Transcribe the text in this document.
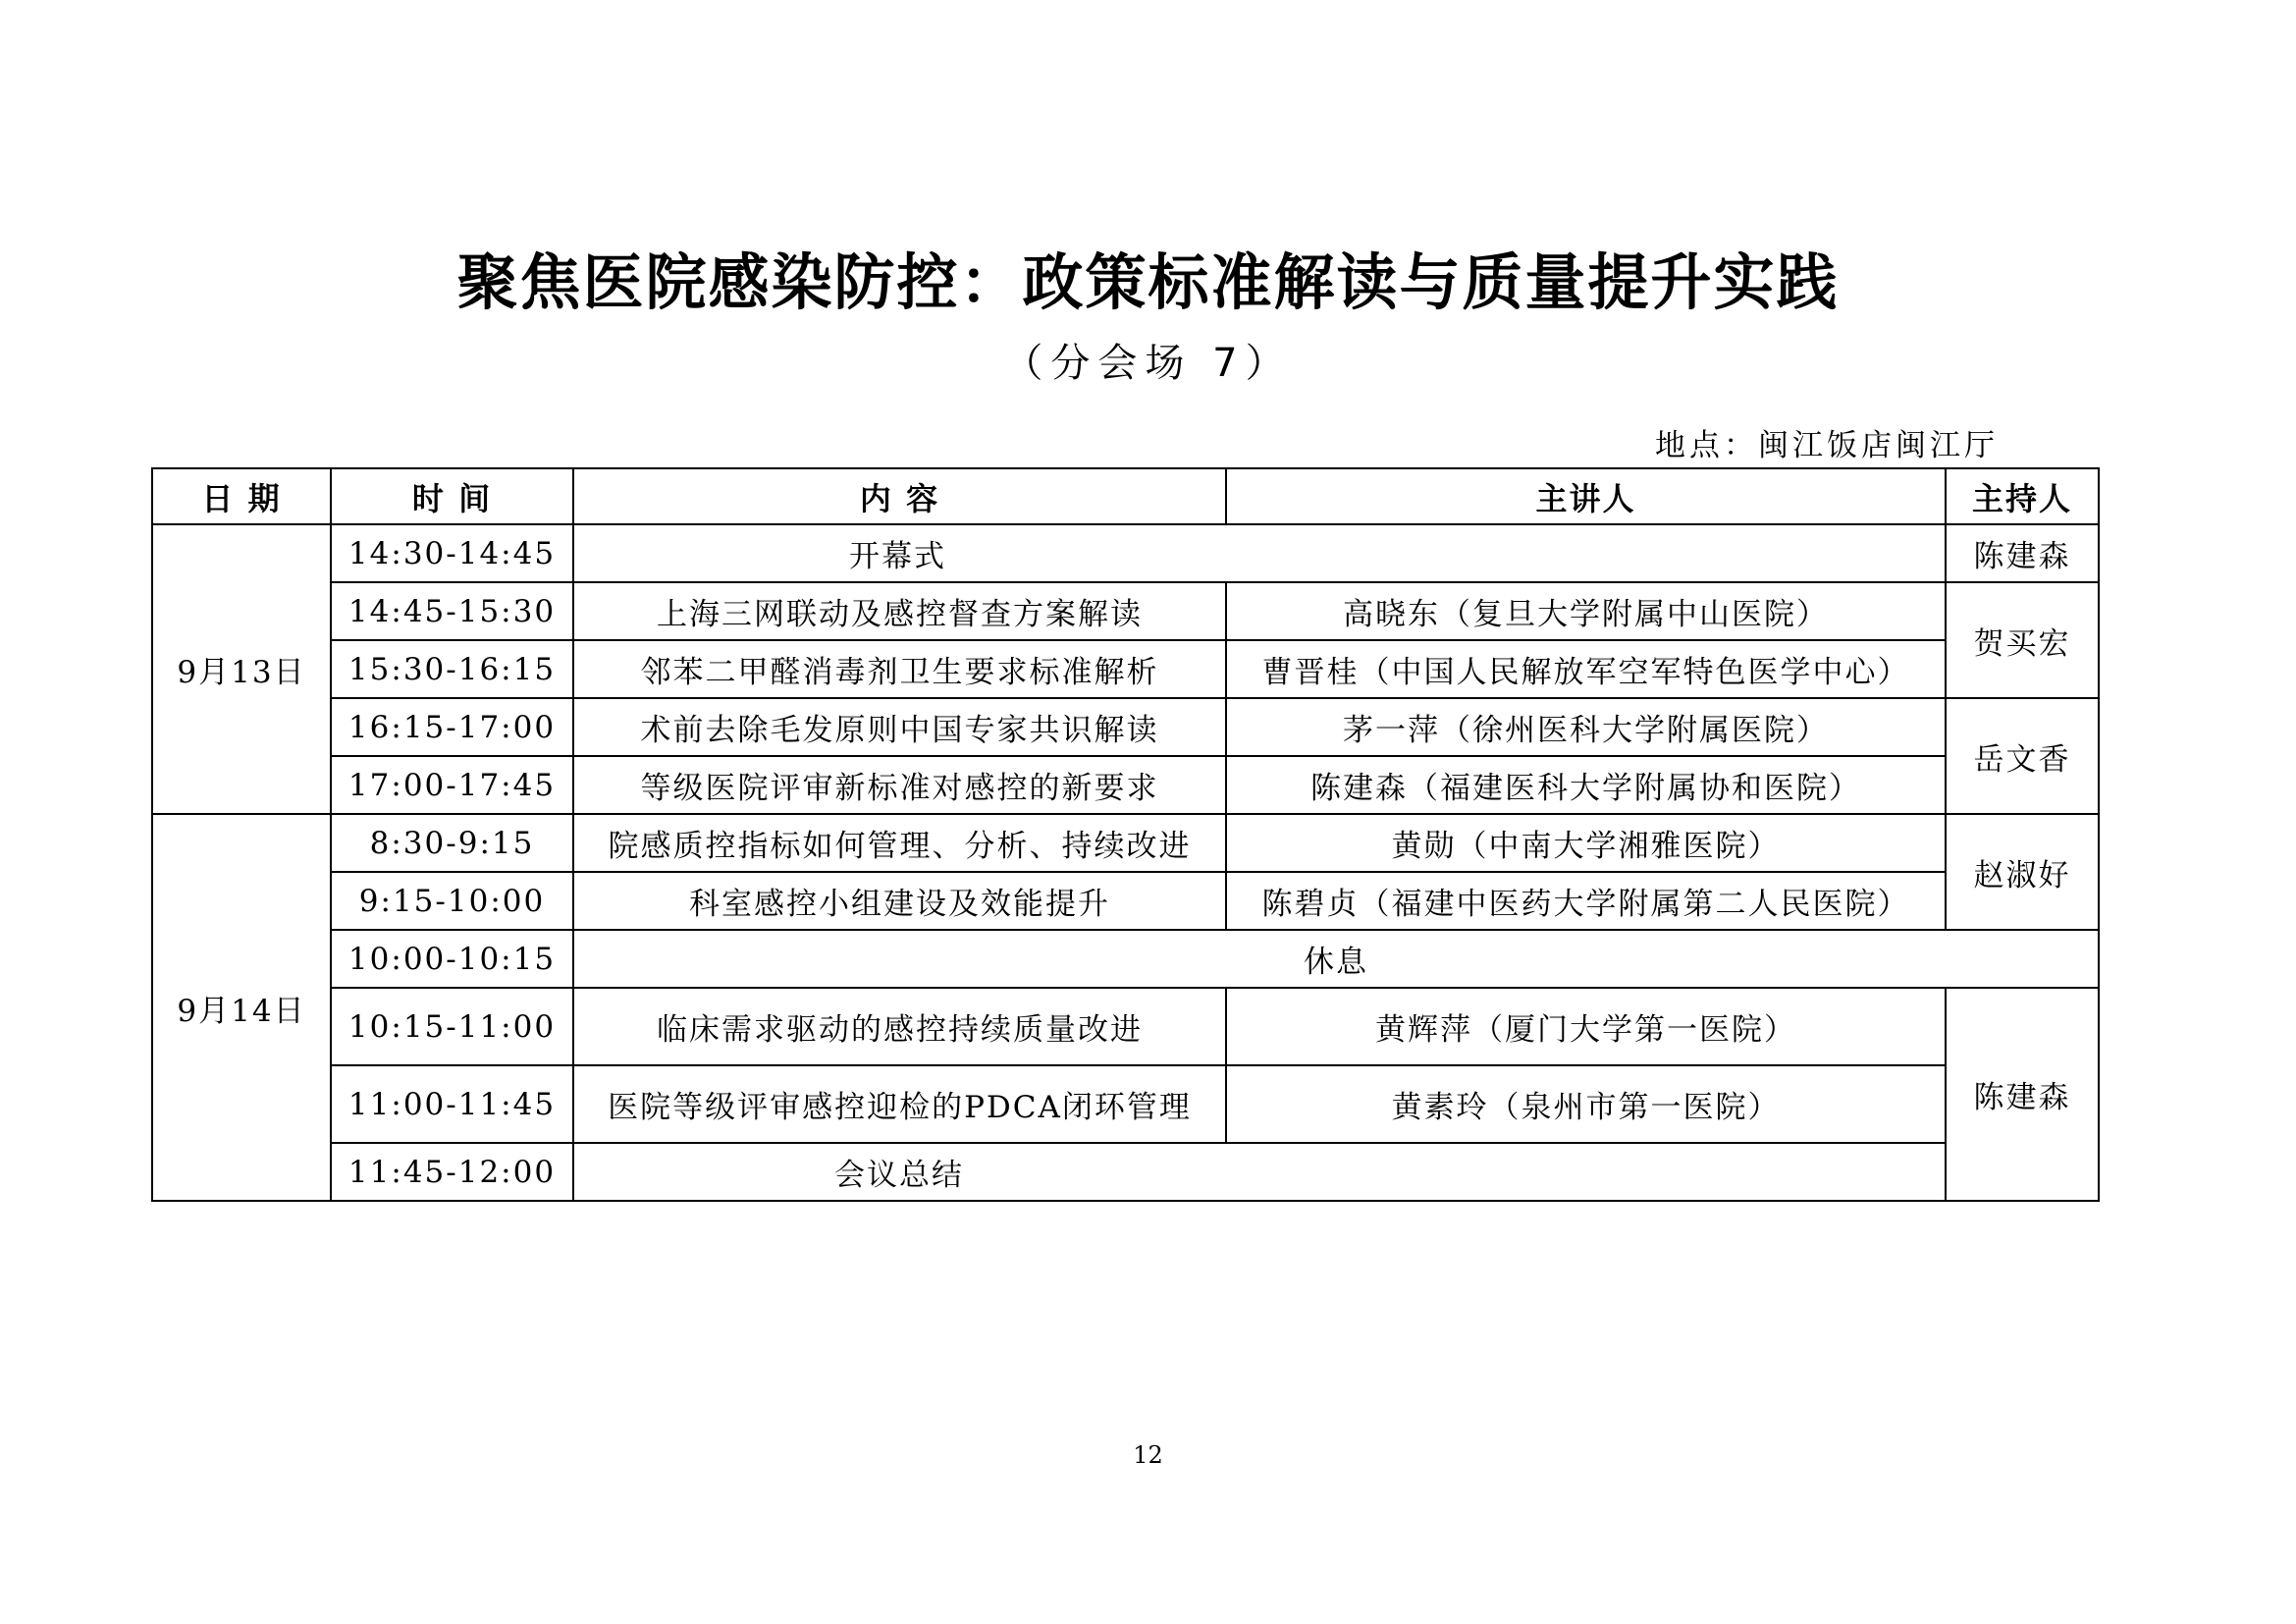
聚焦医院感染防控：政策标准解读与质量提升实践
（分会场 7）
地点：闽江饭店闽江厅
日 期	时 间	内 容	主讲人	主持人
9月13日	14:30-14:45	开幕式		陈建森
	14:45-15:30	上海三网联动及感控督查方案解读	高晓东（复旦大学附属中山医院）	贺买宏
	15:30-16:15	邻苯二甲醛消毒剂卫生要求标准解析	曹晋桂（中国人民解放军空军特色医学中心）	
	16:15-17:00	术前去除毛发原则中国专家共识解读	茅一萍（徐州医科大学附属医院）	岳文香
	17:00-17:45	等级医院评审新标准对感控的新要求	陈建森（福建医科大学附属协和医院）	
9月14日	8:30-9:15	院感质控指标如何管理、分析、持续改进	黄勋（中南大学湘雅医院）	赵淑好
	9:15-10:00	科室感控小组建设及效能提升	陈碧贞（福建中医药大学附属第二人民医院）	
	10:00-10:15	休息		
	10:15-11:00	临床需求驱动的感控持续质量改进	黄辉萍（厦门大学第一医院）	陈建森
	11:00-11:45	医院等级评审感控迎检的PDCA闭环管理	黄素玲（泉州市第一医院）	
	11:45-12:00	会议总结		
12
